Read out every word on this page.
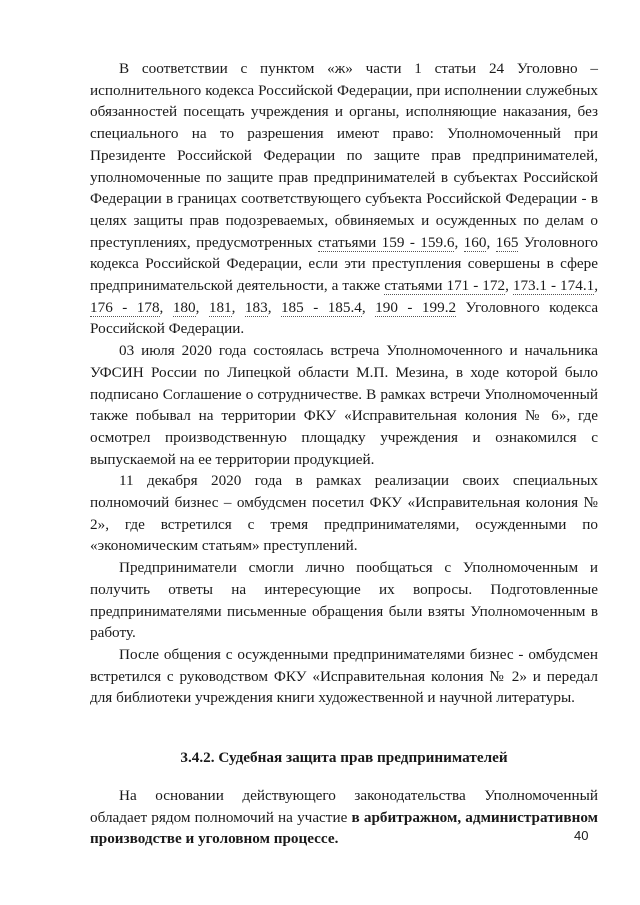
В соответствии с пунктом «ж» части 1 статьи 24 Уголовно – исполнительного кодекса Российской Федерации, при исполнении служебных обязанностей посещать учреждения и органы, исполняющие наказания, без специального на то разрешения имеют право: Уполномоченный при Президенте Российской Федерации по защите прав предпринимателей, уполномоченные по защите прав предпринимателей в субъектах Российской Федерации в границах соответствующего субъекта Российской Федерации - в целях защиты прав подозреваемых, обвиняемых и осужденных по делам о преступлениях, предусмотренных статьями 159 - 159.6, 160, 165 Уголовного кодекса Российской Федерации, если эти преступления совершены в сфере предпринимательской деятельности, а также статьями 171 - 172, 173.1 - 174.1, 176 - 178, 180, 181, 183, 185 - 185.4, 190 - 199.2 Уголовного кодекса Российской Федерации.

03 июля 2020 года состоялась встреча Уполномоченного и начальника УФСИН России по Липецкой области М.П. Мезина, в ходе которой было подписано Соглашение о сотрудничестве. В рамках встречи Уполномоченный также побывал на территории ФКУ «Исправительная колония № 6», где осмотрел производственную площадку учреждения и ознакомился с выпускаемой на ее территории продукцией.

11 декабря 2020 года в рамках реализации своих специальных полномочий бизнес – омбудсмен посетил ФКУ «Исправительная колония № 2», где встретился с тремя предпринимателями, осужденными по «экономическим статьям» преступлений.

Предприниматели смогли лично пообщаться с Уполномоченным и получить ответы на интересующие их вопросы. Подготовленные предпринимателями письменные обращения были взяты Уполномоченным в работу.

После общения с осужденными предпринимателями бизнес - омбудсмен встретился с руководством ФКУ «Исправительная колония № 2» и передал для библиотеки учреждения книги художественной и научной литературы.

3.4.2. Судебная защита прав предпринимателей

На основании действующего законодательства Уполномоченный обладает рядом полномочий на участие в арбитражном, административном производстве и уголовном процессе.	40
